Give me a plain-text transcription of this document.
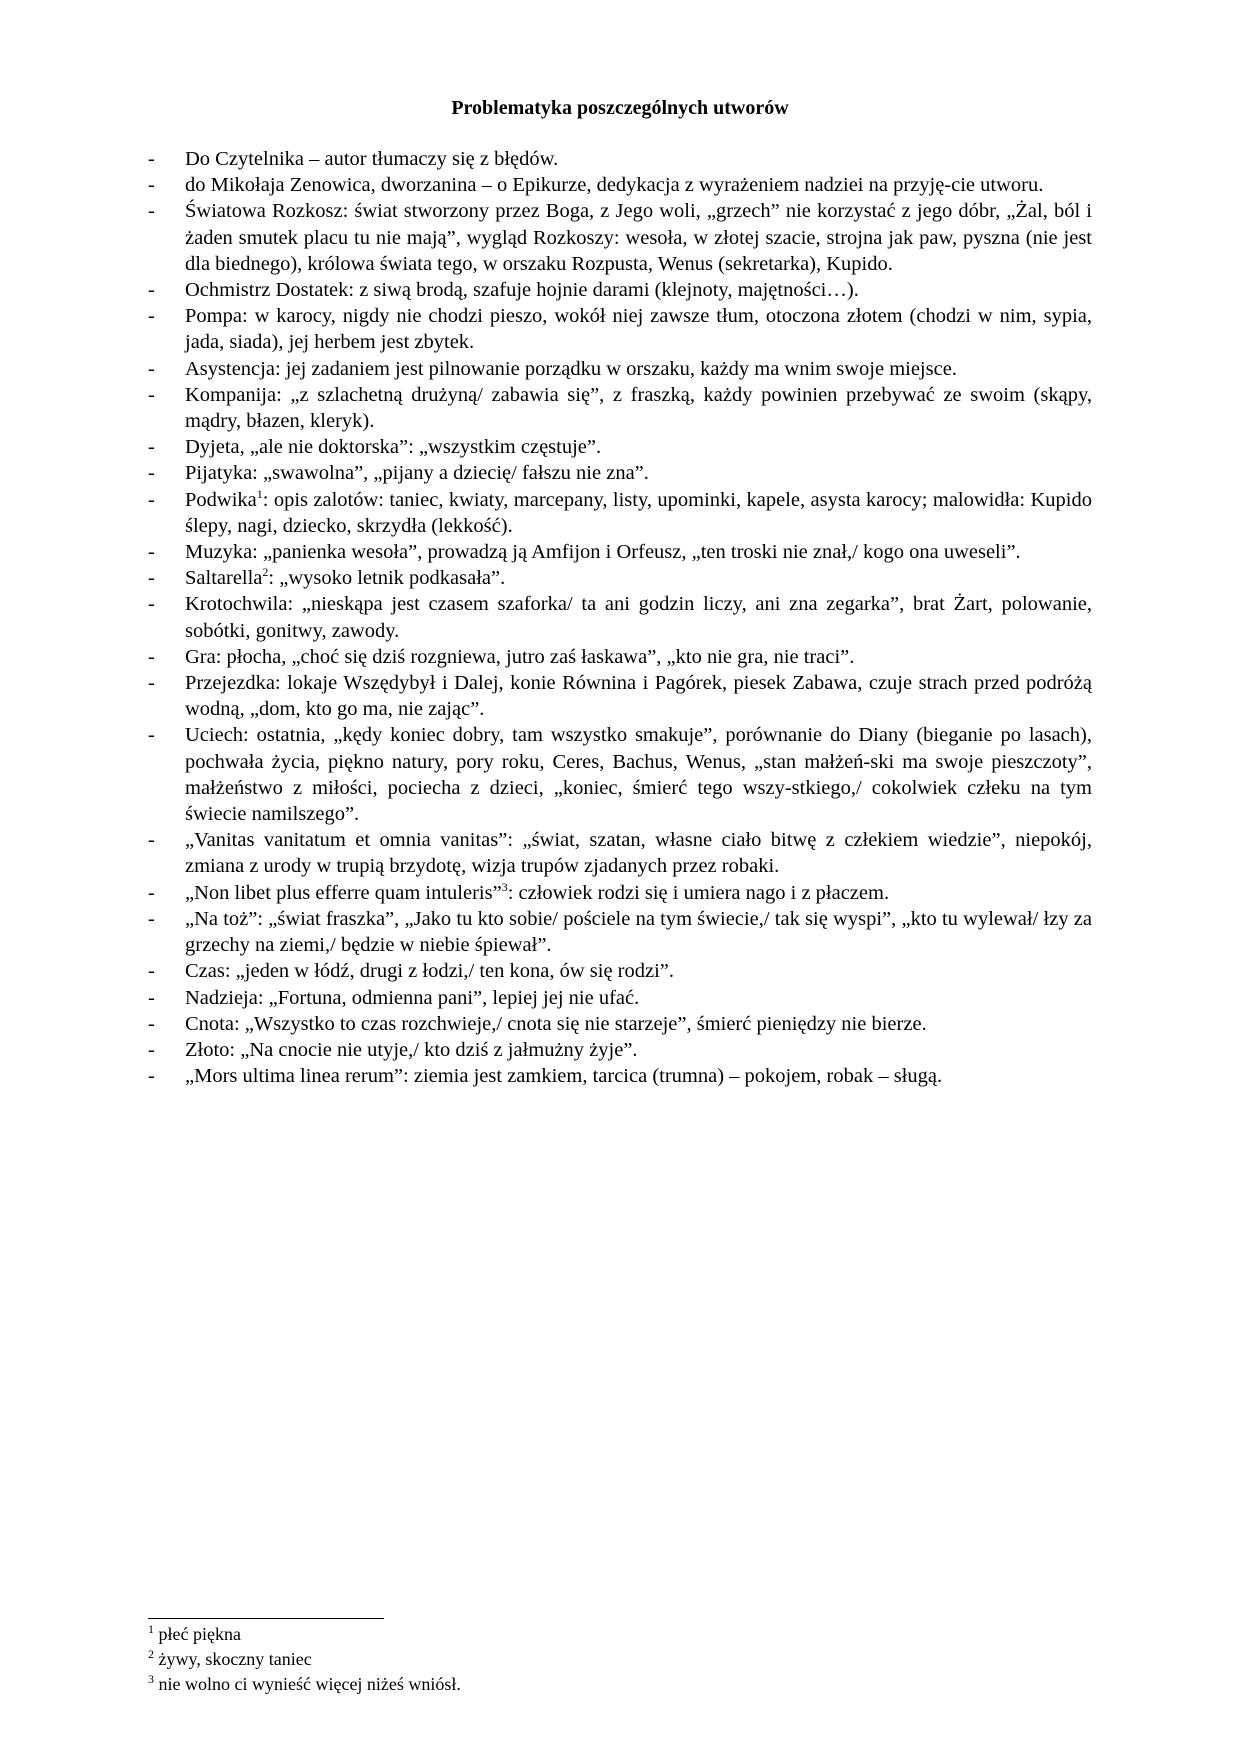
Problematyka poszczególnych utworów
- Do Czytelnika – autor tłumaczy się z błędów.
- do Mikołaja Zenowica, dworzanina – o Epikurze, dedykacja z wyrażeniem nadziei na przyję-cie utworu.
- Światowa Rozkosz: świat stworzony przez Boga, z Jego woli, „grzech” nie korzystać z jego dóbr, „Żal, ból i żaden smutek placu tu nie mają”, wygląd Rozkoszy: wesoła, w złotej szacie, strojna jak paw, pyszna (nie jest dla biednego), królowa świata tego, w orszaku Rozpusta, Wenus (sekretarka), Kupido.
- Ochmistrz Dostatek: z siwą brodą, szafuje hojnie darami (klejnoty, majętności…).
- Pompa: w karocy, nigdy nie chodzi pieszo, wokół niej zawsze tłum, otoczona złotem (chodzi w nim, sypia, jada, siada), jej herbem jest zbytek.
- Asystencja: jej zadaniem jest pilnowanie porządku w orszaku, każdy ma wnim swoje miejsce.
- Kompanija: „z szlachetną drużyną/ zabawia się”, z fraszką, każdy powinien przebywać ze swoim (skąpy, mądry, błazen, kleryk).
- Dyjeta, „ale nie doktorska”: „wszystkim częstuje”.
- Pijatyka: „swawolna”, „pijany a dziecię/ fałszu nie zna”.
- Podwika$^1$: opis zalotów: taniec, kwiaty, marcepany, listy, upominki, kapele, asysta karocy; malowidła: Kupido ślepy, nagi, dziecko, skrzydła (lekkość).
- Muzyka: „panienka wesoła”, prowadzą ją Amfijon i Orfeusz, „ten troski nie znał,/ kogo ona uweseli”.
- Saltarella$^2$: „wysoko letnik podkasała”.
- Krotochwila: „nieskąpa jest czasem szaforka/ ta ani godzin liczy, ani zna zegarka”, brat Żart, polowanie, sobótki, gonitwy, zawody.
- Gra: płocha, „choć się dziś rozgniewa, jutro zaś łaskawa”, „kto nie gra, nie traci”.
- Przejezdka: lokaje Wszędybył i Dalej, konie Równina i Pagórek, piesek Zabawa, czuje strach przed podróżą wodną, „dom, kto go ma, nie zając”.
- Uciech: ostatnia, „kędy koniec dobry, tam wszystko smakuje”, porównanie do Diany (bieganie po lasach), pochwała życia, piękno natury, pory roku, Ceres, Bachus, Wenus, „stan małżeń-ski ma swoje pieszczoty”, małżeństwo z miłości, pociecha z dzieci, „koniec, śmierć tego wszy-stkiego,/ cokolwiek człeku na tym świecie namilszego”.
- „Vanitas vanitatum et omnia vanitas”: „świat, szatan, własne ciało bitwę z człekiem wiedzie”, niepokój, zmiana z urody w trupią brzydotę, wizja trupów zjadanych przez robaki.
- „Non libet plus efferre quam intuleris”$^3$: człowiek rodzi się i umiera nago i z płaczem.
- „Na toż”: „świat fraszka”, „Jako tu kto sobie/ pościele na tym świecie,/ tak się wyspi”, „kto tu wylewał/ łzy za grzechy na ziemi,/ będzie w niebie śpiewał”.
- Czas: „jeden w łódź, drugi z łodzi,/ ten kona, ów się rodzi”.
- Nadzieja: „Fortuna, odmienna pani”, lepiej jej nie ufać.
- Cnota: „Wszystko to czas rozchwieje,/ cnota się nie starzeje”, śmierć pieniędzy nie bierze.
- Złoto: „Na cnocie nie utyje,/ kto dziś z jałmużny żyje”.
- „Mors ultima linea rerum”: ziemia jest zamkiem, tarcica (trumna) – pokojem, robak – sługą.
$^1$ płeć piękna
$^2$ żywy, skoczny taniec
$^3$ nie wolno ci wynieść więcej niżeś wniósł.
